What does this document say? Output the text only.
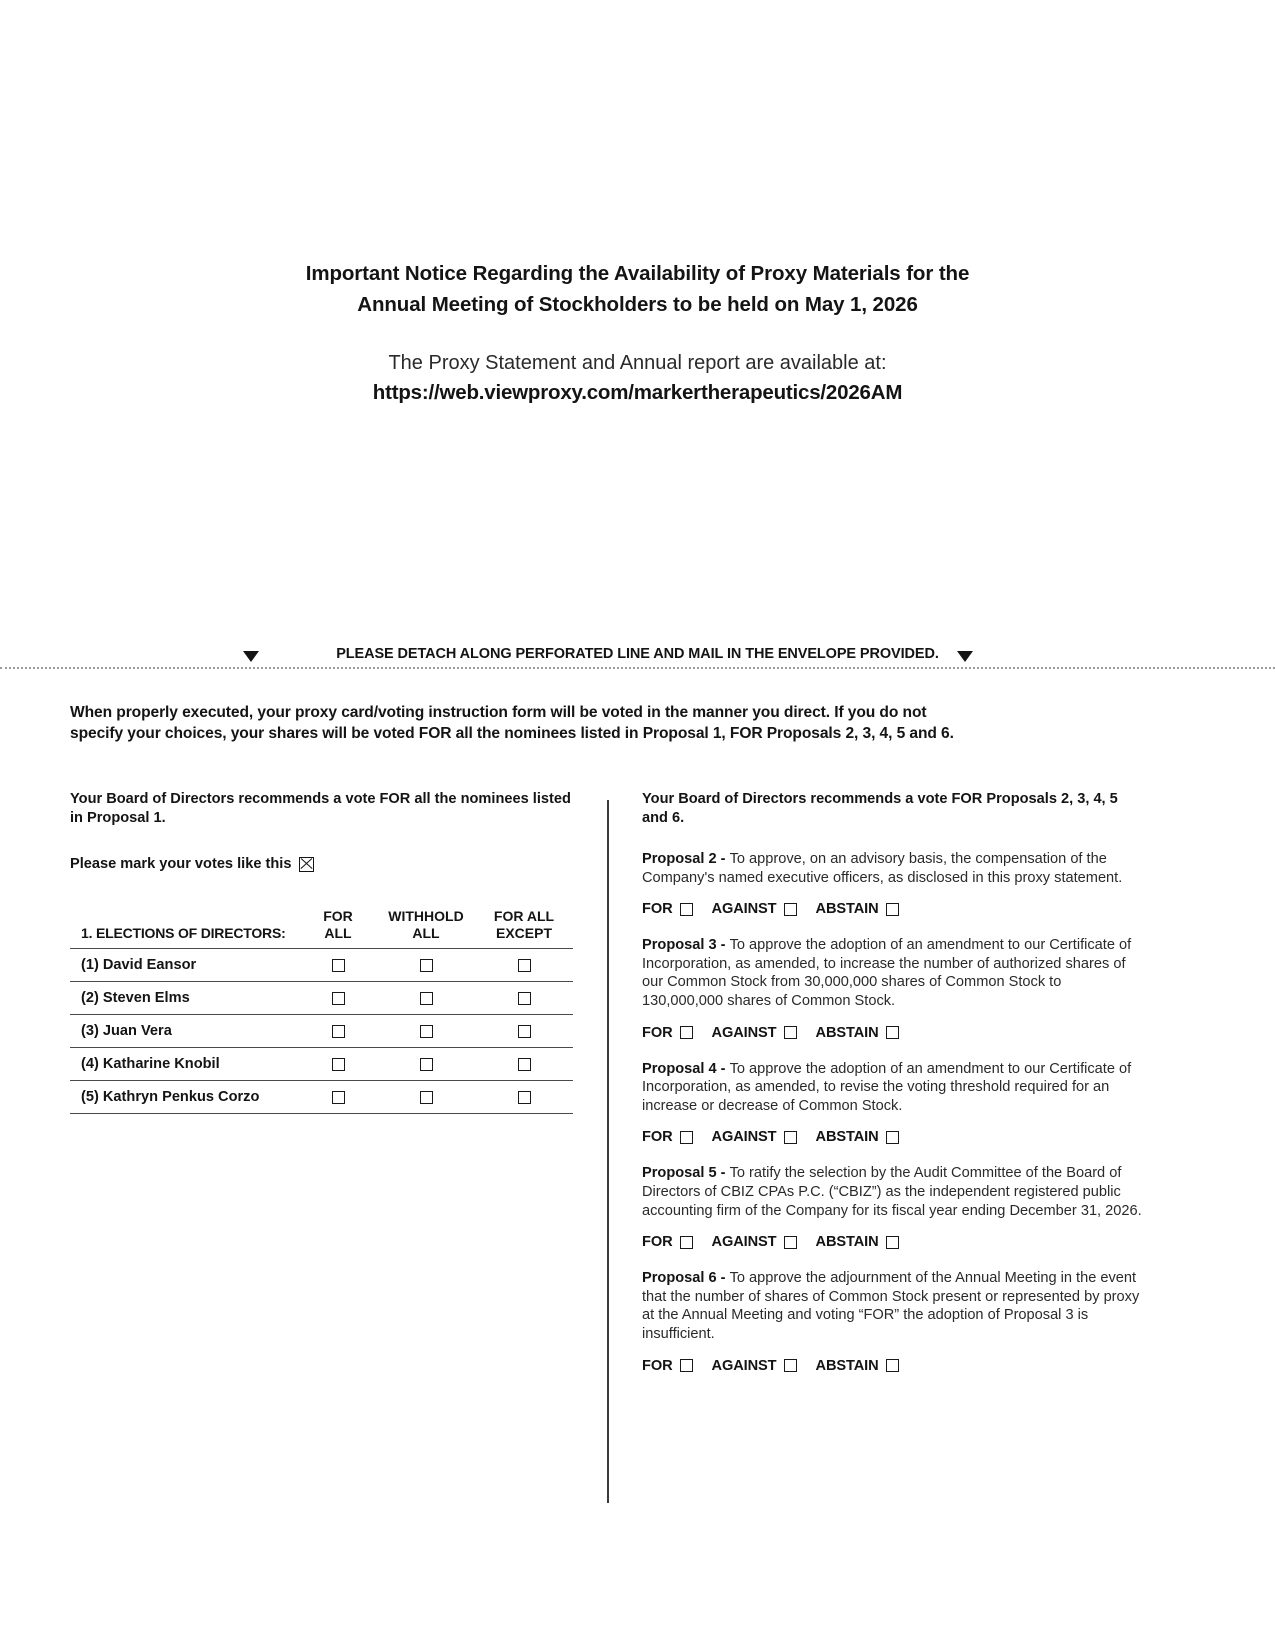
Important Notice Regarding the Availability of Proxy Materials for the
Annual Meeting of Stockholders to be held on May 1, 2026
The Proxy Statement and Annual report are available at:
https://web.viewproxy.com/markertherapeutics/2026AM
PLEASE DETACH ALONG PERFORATED LINE AND MAIL IN THE ENVELOPE PROVIDED.
When properly executed, your proxy card/voting instruction form will be voted in the manner you direct. If you do not
specify your choices, your shares will be voted FOR all the nominees listed in Proposal 1, FOR Proposals 2, 3, 4, 5 and 6.
Your Board of Directors recommends a vote FOR all the nominees listed in Proposal 1.
Please mark your votes like this
1. ELECTIONS OF DIRECTORS:	
FOR
ALL

WITHHOLD
ALL

FOR ALL
EXCEPT

(1) David Eansor			
(2) Steven Elms			
(3) Juan Vera			
(4) Katharine Knobil			
(5) Kathryn Penkus Corzo			
Your Board of Directors recommends a vote FOR Proposals 2, 3, 4, 5 and 6.
Proposal 2 - To approve, on an advisory basis, the compensation of the Company's named executive officers, as disclosed in this proxy statement.
FOR	AGAINST	ABSTAIN
Proposal 3 - To approve the adoption of an amendment to our Certificate of Incorporation, as amended, to increase the number of authorized shares of our Common Stock from 30,000,000 shares of Common Stock to 130,000,000 shares of Common Stock.
FOR	AGAINST	ABSTAIN
Proposal 4 - To approve the adoption of an amendment to our Certificate of Incorporation, as amended, to revise the voting threshold required for an increase or decrease of Common Stock.
FOR	AGAINST	ABSTAIN
Proposal 5 - To ratify the selection by the Audit Committee of the Board of Directors of CBIZ CPAs P.C. (“CBIZ”) as the independent registered public accounting firm of the Company for its fiscal year ending December 31, 2026.
FOR	AGAINST	ABSTAIN
Proposal 6 - To approve the adjournment of the Annual Meeting in the event that the number of shares of Common Stock present or represented by proxy at the Annual Meeting and voting “FOR” the adoption of Proposal 3 is insufficient.
FOR	AGAINST	ABSTAIN
